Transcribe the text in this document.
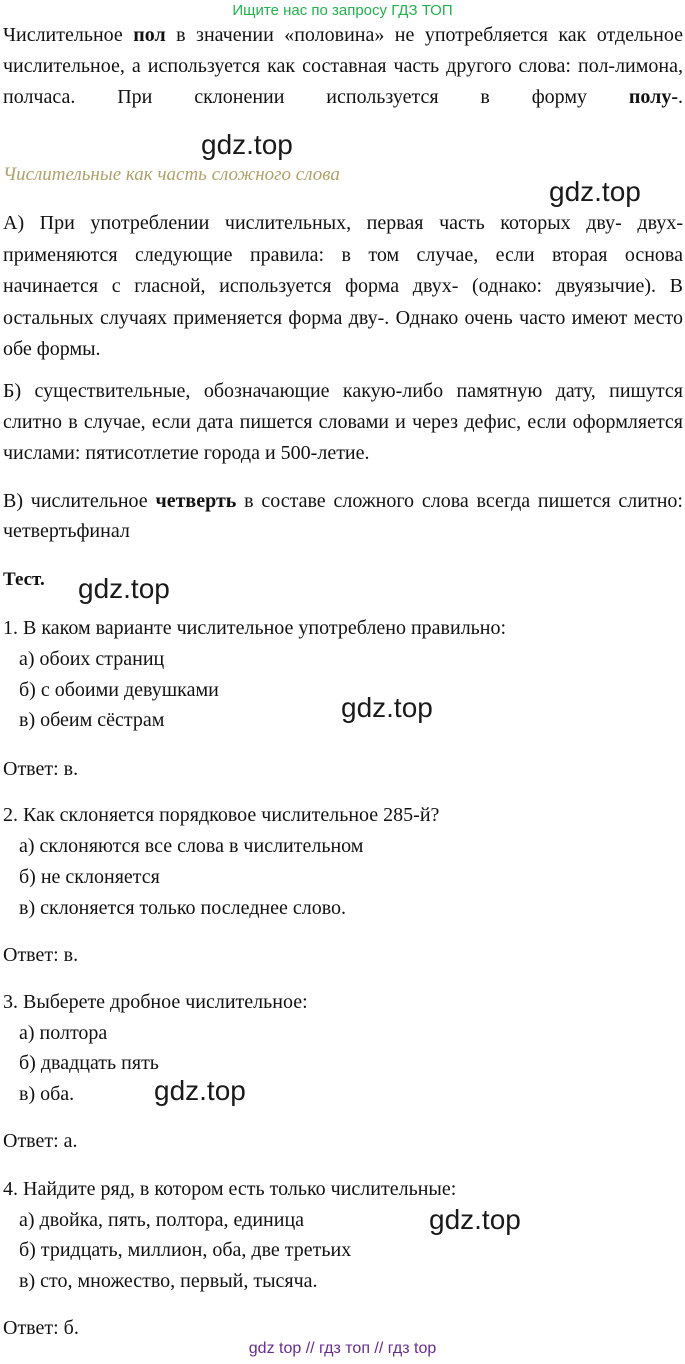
Ищите нас по запросу ГДЗ ТОП

Числительное пол в значении «половина» не употребляется как отдельное числительное, а используется как составная часть другого слова: пол-лимона, полчаса. При склонении используется в форму полу-.

Числительные как часть сложного слова

А) При употреблении числительных, первая часть которых дву- двух- применяются следующие правила: в том случае, если вторая основа начинается с гласной, используется форма двух- (однако: двуязычие). В остальных случаях применяется форма дву-. Однако очень часто имеют место обе формы.

Б) существительные, обозначающие какую-либо памятную дату, пишутся слитно в случае, если дата пишется словами и через дефис, если оформляется числами: пятисотлетие города и 500-летие.

В) числительное четверть в составе сложного слова всегда пишется слитно: четвертьфинал

Тест.

1. В каком варианте числительное употреблено правильно:

а) обоих страниц

б) с обоими девушками

в) обеим сёстрам

Ответ: в.

2. Как склоняется порядковое числительное 285-й?

а) склоняются все слова в числительном

б) не склоняется

в) склоняется только последнее слово.

Ответ: в.

3. Выберете дробное числительное:

а) полтора

б) двадцать пять

в) оба.

Ответ: а.

4. Найдите ряд, в котором есть только числительные:

а) двойка, пять, полтора, единица

б) тридцать, миллион, оба, две третьих

в) сто, множество, первый, тысяча.

Ответ: б.

gdz.top
gdz.top
gdz.top
gdz.top
gdz.top
gdz.top
gdz top // гдз топ // гдз top
